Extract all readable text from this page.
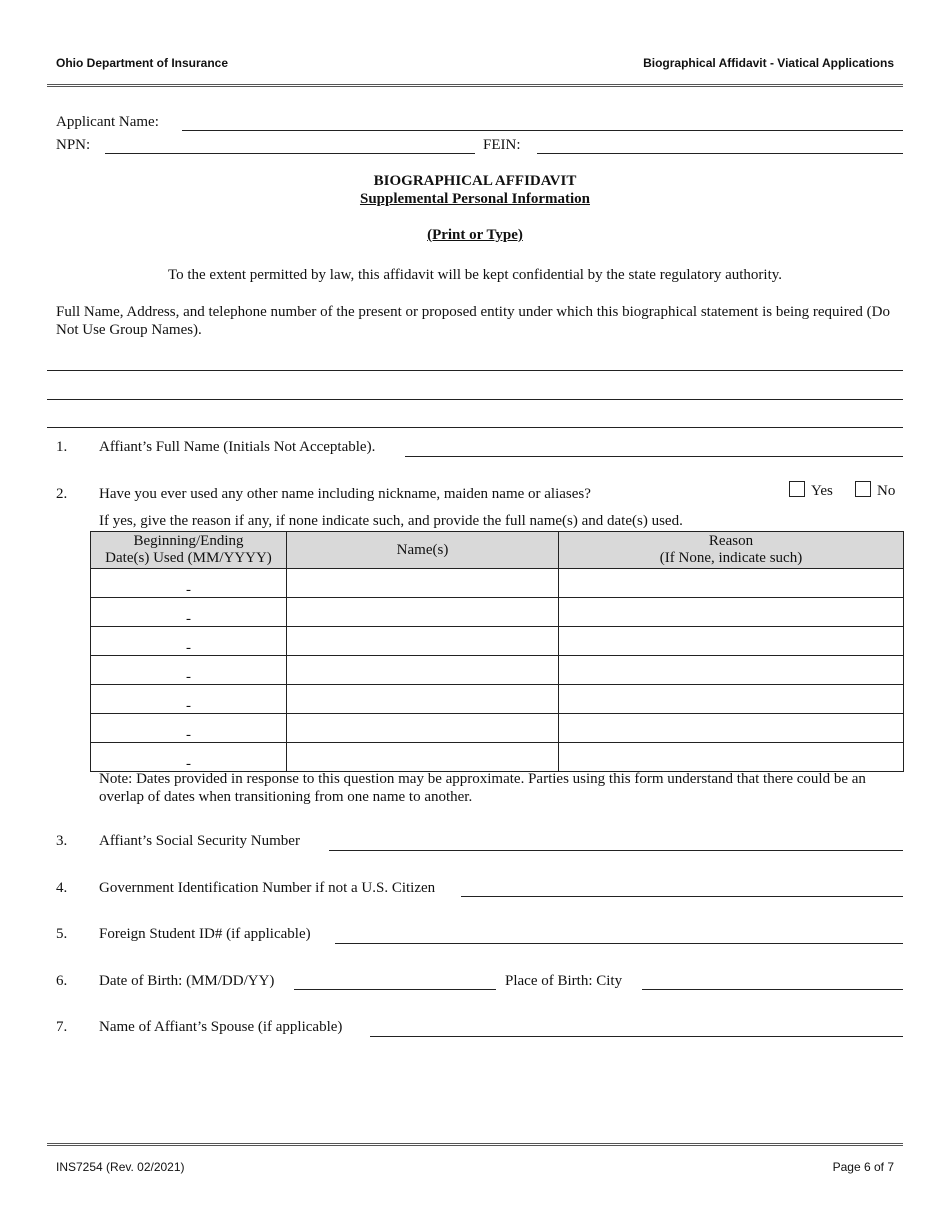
Ohio Department of Insurance	Biographical Affidavit - Viatical Applications
Applicant Name:
NPN:	FEIN:
BIOGRAPHICAL AFFIDAVIT
Supplemental Personal Information
(Print or Type)
To the extent permitted by law, this affidavit will be kept confidential by the state regulatory authority.
Full Name, Address, and telephone number of the present or proposed entity under which this biographical statement is being required (Do Not Use Group Names).
1. Affiant’s Full Name (Initials Not Acceptable).
2. Have you ever used any other name including nickname, maiden name or aliases?	Yes	No
If yes, give the reason if any, if none indicate such, and provide the full name(s) and date(s) used.
Beginning/Ending
Date(s) Used (MM/YYYY)	Name(s)	Reason
(If None, indicate such)
-		
-		
-		
-		
-		
-		
-		
Note: Dates provided in response to this question may be approximate. Parties using this form understand that there could be an overlap of dates when transitioning from one name to another.
3. Affiant’s Social Security Number
4. Government Identification Number if not a U.S. Citizen
5. Foreign Student ID# (if applicable)
6. Date of Birth: (MM/DD/YY)	Place of Birth: City
7. Name of Affiant’s Spouse (if applicable)
INS7254 (Rev. 02/2021)	Page 6 of 7
